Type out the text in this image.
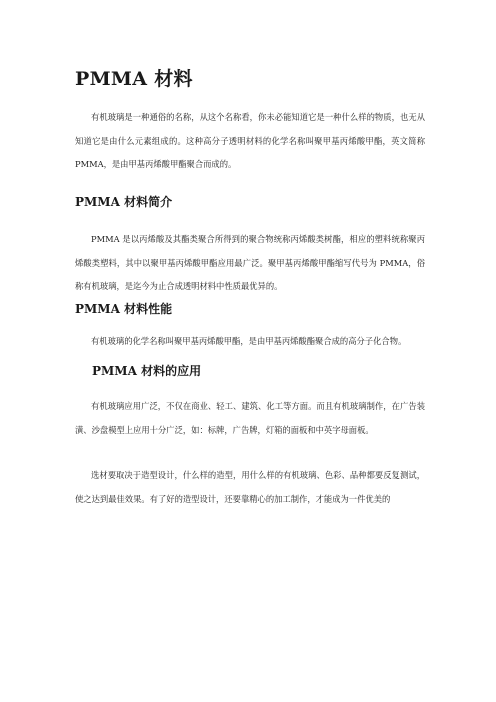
PMMA 材料

有机玻璃是一种通俗的名称，从这个名称看，你未必能知道它是一种什么样的物质，也无从知道它是由什么元素组成的。这种高分子透明材料的化学名称叫聚甲基丙烯酸甲酯，英文简称 PMMA，是由甲基丙烯酸甲酯聚合而成的。

PMMA 材料简介

PMMA 是以丙烯酸及其酯类聚合所得到的聚合物统称丙烯酸类树酯，相应的塑料统称聚丙烯酸类塑料，其中以聚甲基丙烯酸甲酯应用最广泛。聚甲基丙烯酸甲酯缩写代号为 PMMA，俗称有机玻璃，是迄今为止合成透明材料中性质最优异的。

PMMA 材料性能

有机玻璃的化学名称叫聚甲基丙烯酸甲酯，是由甲基丙烯酸酯聚合成的高分子化合物。

PMMA 材料的应用

有机玻璃应用广泛，不仅在商业、轻工、建筑、化工等方面。而且有机玻璃制作，在广告装潢、沙盘模型上应用十分广泛，如：标牌，广告牌，灯箱的面板和中英字母面板。

选材要取决于造型设计，什么样的造型，用什么样的有机玻璃、色彩、品种都要反复测试，使之达到最佳效果。有了好的造型设计，还要靠精心的加工制作，才能成为一件优美的
